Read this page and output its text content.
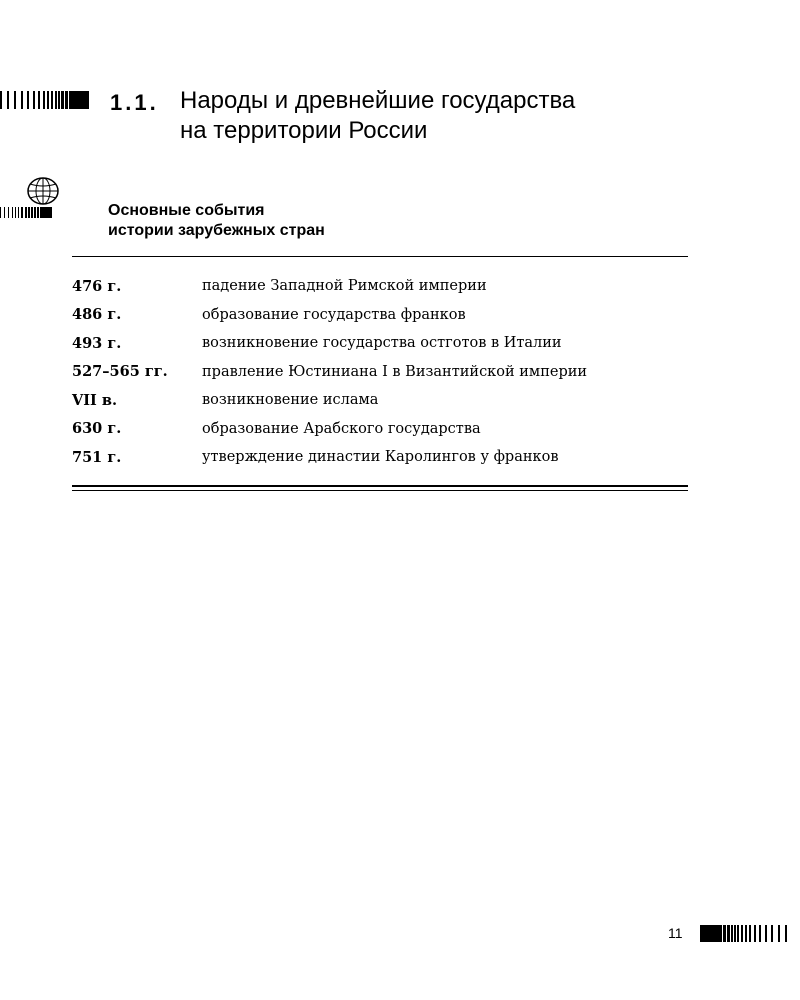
1.1. Народы и древнейшие государства
на территории России
Основные события
истории зарубежных стран
476 г.	падение Западной Римской империи
486 г.	образование государства франков
493 г.	возникновение государства остготов в Италии
527–565 гг.	правление Юстиниана I в Византийской империи
VII в.	возникновение ислама
630 г.	образование Арабского государства
751 г.	утверждение династии Каролингов у франков
11
